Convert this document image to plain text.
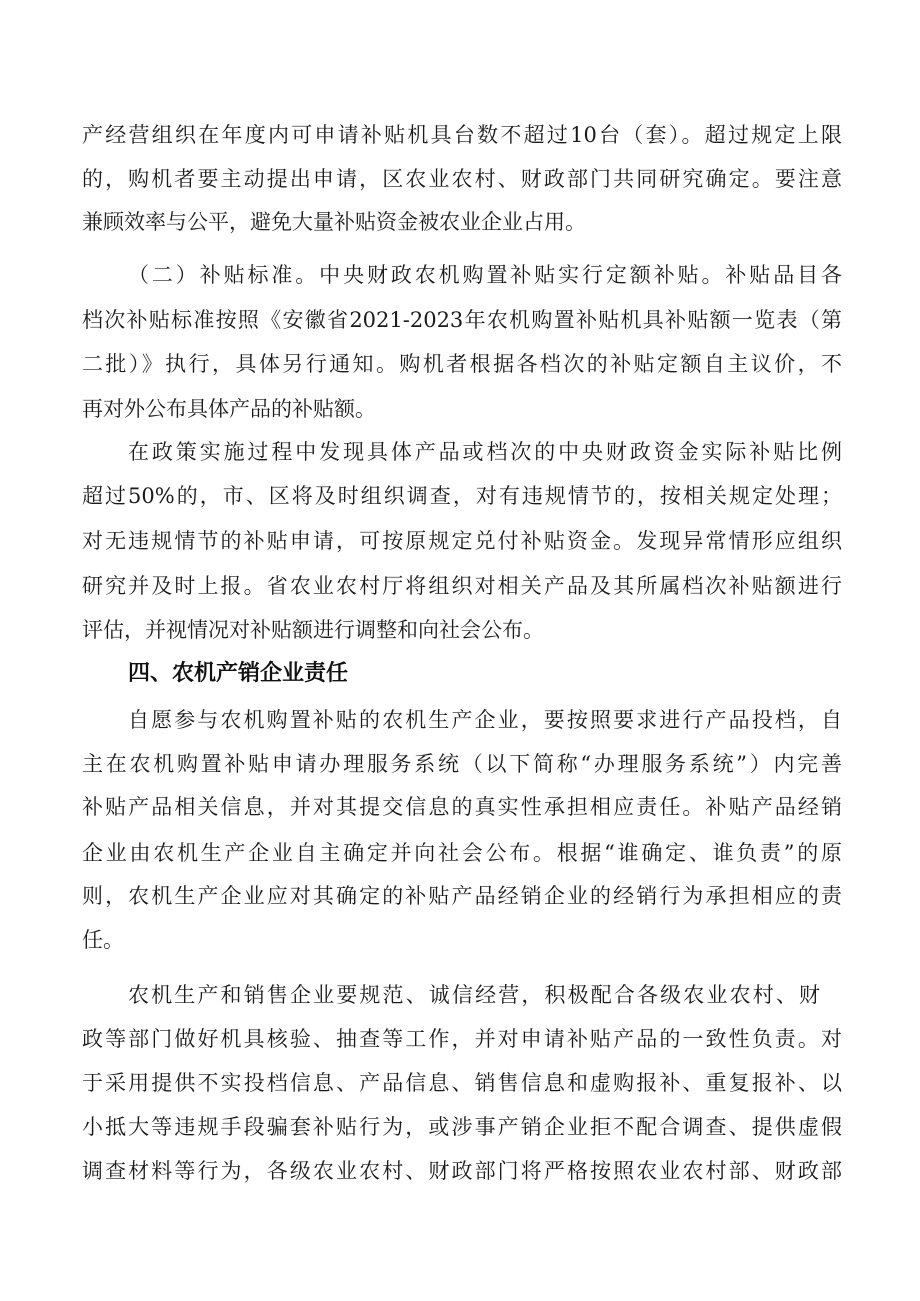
产经营组织在年度内可申请补贴机具台数不超过10台（套）。超过规定上限

的，购机者要主动提出申请，区农业农村、财政部门共同研究确定。要注意

兼顾效率与公平，避免大量补贴资金被农业企业占用。

（二）补贴标准。中央财政农机购置补贴实行定额补贴。补贴品目各

档次补贴标准按照《安徽省2021-2023年农机购置补贴机具补贴额一览表（第

二批）》执行，具体另行通知。购机者根据各档次的补贴定额自主议价，不

再对外公布具体产品的补贴额。

在政策实施过程中发现具体产品或档次的中央财政资金实际补贴比例

超过50%的，市、区将及时组织调查，对有违规情节的，按相关规定处理；

对无违规情节的补贴申请，可按原规定兑付补贴资金。发现异常情形应组织

研究并及时上报。省农业农村厅将组织对相关产品及其所属档次补贴额进行

评估，并视情况对补贴额进行调整和向社会公布。

四、农机产销企业责任

自愿参与农机购置补贴的农机生产企业，要按照要求进行产品投档，自

主在农机购置补贴申请办理服务系统（以下简称“办理服务系统”）内完善

补贴产品相关信息，并对其提交信息的真实性承担相应责任。补贴产品经销

企业由农机生产企业自主确定并向社会公布。根据“谁确定、谁负责”的原

则，农机生产企业应对其确定的补贴产品经销企业的经销行为承担相应的责

任。

农机生产和销售企业要规范、诚信经营，积极配合各级农业农村、财

政等部门做好机具核验、抽查等工作，并对申请补贴产品的一致性负责。对

于采用提供不实投档信息、产品信息、销售信息和虚购报补、重复报补、以

小抵大等违规手段骗套补贴行为，或涉事产销企业拒不配合调查、提供虚假

调查材料等行为，各级农业农村、财政部门将严格按照农业农村部、财政部
